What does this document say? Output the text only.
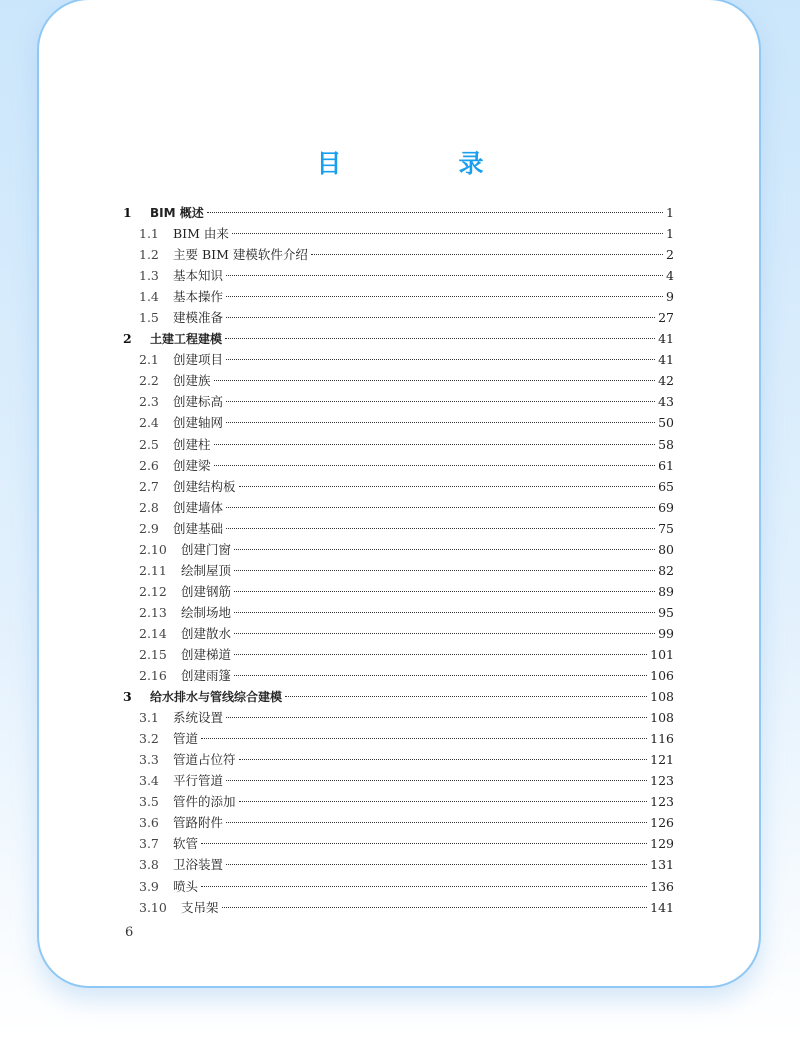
目　录
1	BIM 概述	1
1.1	BIM 由来	1
1.2	主要 BIM 建模软件介绍	2
1.3	基本知识	4
1.4	基本操作	9
1.5	建模准备	27
2	土建工程建模	41
2.1	创建项目	41
2.2	创建族	42
2.3	创建标高	43
2.4	创建轴网	50
2.5	创建柱	58
2.6	创建梁	61
2.7	创建结构板	65
2.8	创建墙体	69
2.9	创建基础	75
2.10	创建门窗	80
2.11	绘制屋顶	82
2.12	创建钢筋	89
2.13	绘制场地	95
2.14	创建散水	99
2.15	创建梯道	101
2.16	创建雨篷	106
3	给水排水与管线综合建模	108
3.1	系统设置	108
3.2	管道	116
3.3	管道占位符	121
3.4	平行管道	123
3.5	管件的添加	123
3.6	管路附件	126
3.7	软管	129
3.8	卫浴装置	131
3.9	喷头	136
3.10	支吊架	141
6
